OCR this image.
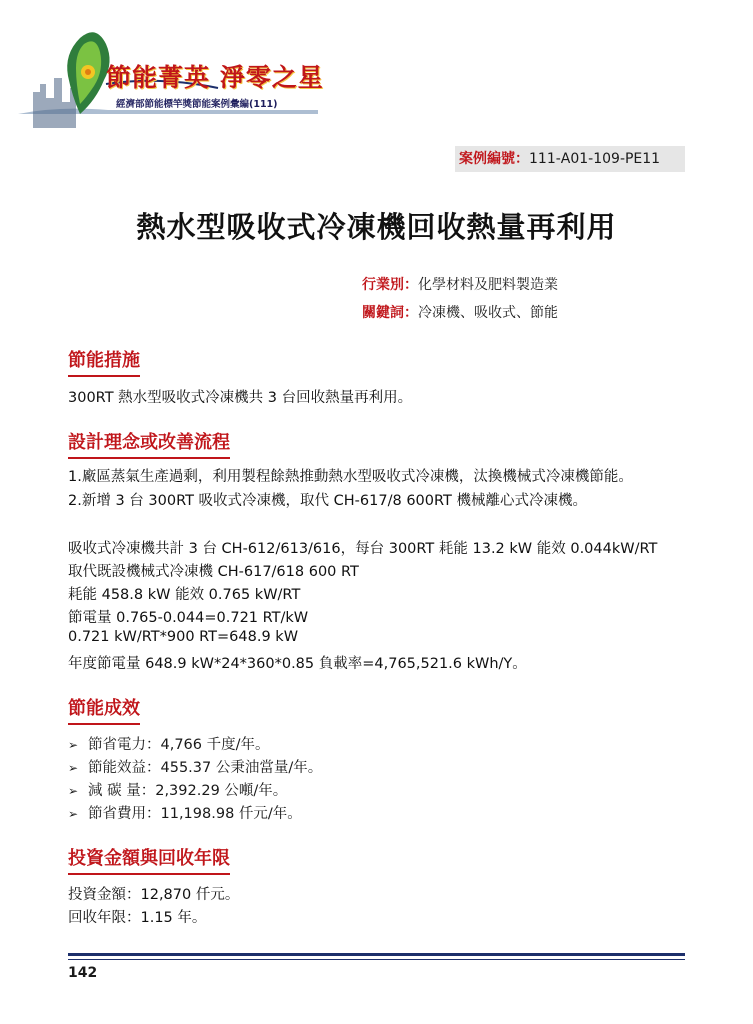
節能菁英 淨零之星
經濟部節能標竿獎節能案例彙編(111)
案例編號：111-A01-109-PE11
熱水型吸收式冷凍機回收熱量再利用
行業別：化學材料及肥料製造業
關鍵詞：冷凍機、吸收式、節能
節能措施
300RT 熱水型吸收式冷凍機共 3 台回收熱量再利用。
設計理念或改善流程
1.廠區蒸氣生產過剩，利用製程餘熱推動熱水型吸收式冷凍機，汰換機械式冷凍機節能。
2.新增 3 台 300RT 吸收式冷凍機，取代 CH-617/8 600RT 機械離心式冷凍機。
吸收式冷凍機共計 3 台 CH-612/613/616，每台 300RT 耗能 13.2 kW 能效 0.044kW/RT
取代既設機械式冷凍機 CH-617/618 600 RT
耗能 458.8 kW 能效 0.765 kW/RT
節電量 0.765-0.044=0.721 RT/kW
0.721 kW/RT*900 RT=648.9 kW
年度節電量 648.9 kW*24*360*0.85 負載率=4,765,521.6 kWh/Y。
節能成效
➢ 節省電力：4,766 千度/年。
➢ 節能效益：455.37 公秉油當量/年。
➢ 減 碳 量：2,392.29 公噸/年。
➢ 節省費用：11,198.98 仟元/年。
投資金額與回收年限
投資金額：12,870 仟元。
回收年限：1.15 年。
142
